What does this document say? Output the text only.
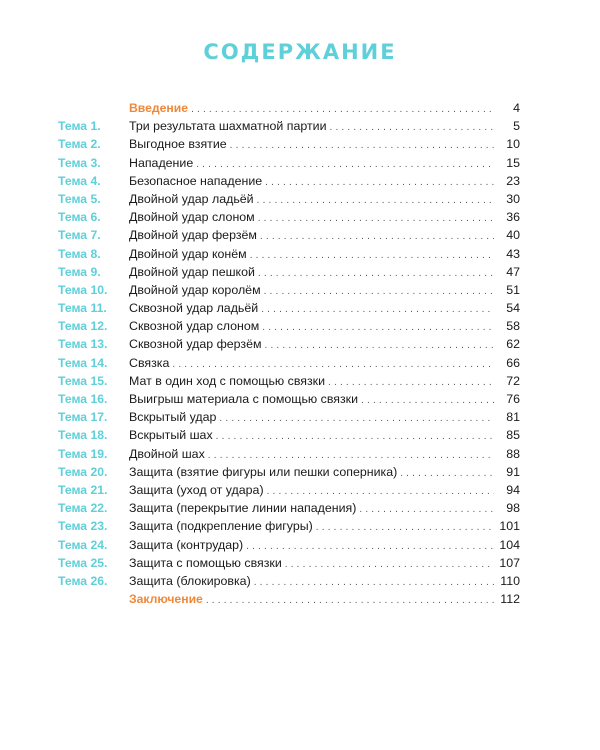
СОДЕРЖАНИЕ
Введение . . .	4
Тема 1.	Три результата шахматной партии . . .	5
Тема 2.	Выгодное взятие . . .	10
Тема 3.	Нападение . . .	15
Тема 4.	Безопасное нападение . . .	23
Тема 5.	Двойной удар ладьёй . . .	30
Тема 6.	Двойной удар слоном . . .	36
Тема 7.	Двойной удар ферзём . . .	40
Тема 8.	Двойной удар конём . . .	43
Тема 9.	Двойной удар пешкой . . .	47
Тема 10.	Двойной удар королём . . .	51
Тема 11.	Сквозной удар ладьёй . . .	54
Тема 12.	Сквозной удар слоном . . .	58
Тема 13.	Сквозной удар ферзём . . .	62
Тема 14.	Связка . . .	66
Тема 15.	Мат в один ход с помощью связки . . .	72
Тема 16.	Выигрыш материала с помощью связки . . .	76
Тема 17.	Вскрытый удар . . .	81
Тема 18.	Вскрытый шах . . .	85
Тема 19.	Двойной шах . . .	88
Тема 20.	Защита (взятие фигуры или пешки соперника) . . .	91
Тема 21.	Защита (уход от удара) . . .	94
Тема 22.	Защита (перекрытие линии нападения) . . .	98
Тема 23.	Защита (подкрепление фигуры) . . .	101
Тема 24.	Защита (контрудар) . . .	104
Тема 25.	Защита с помощью связки . . .	107
Тема 26.	Защита (блокировка) . . .	110
Заключение . . .	112
